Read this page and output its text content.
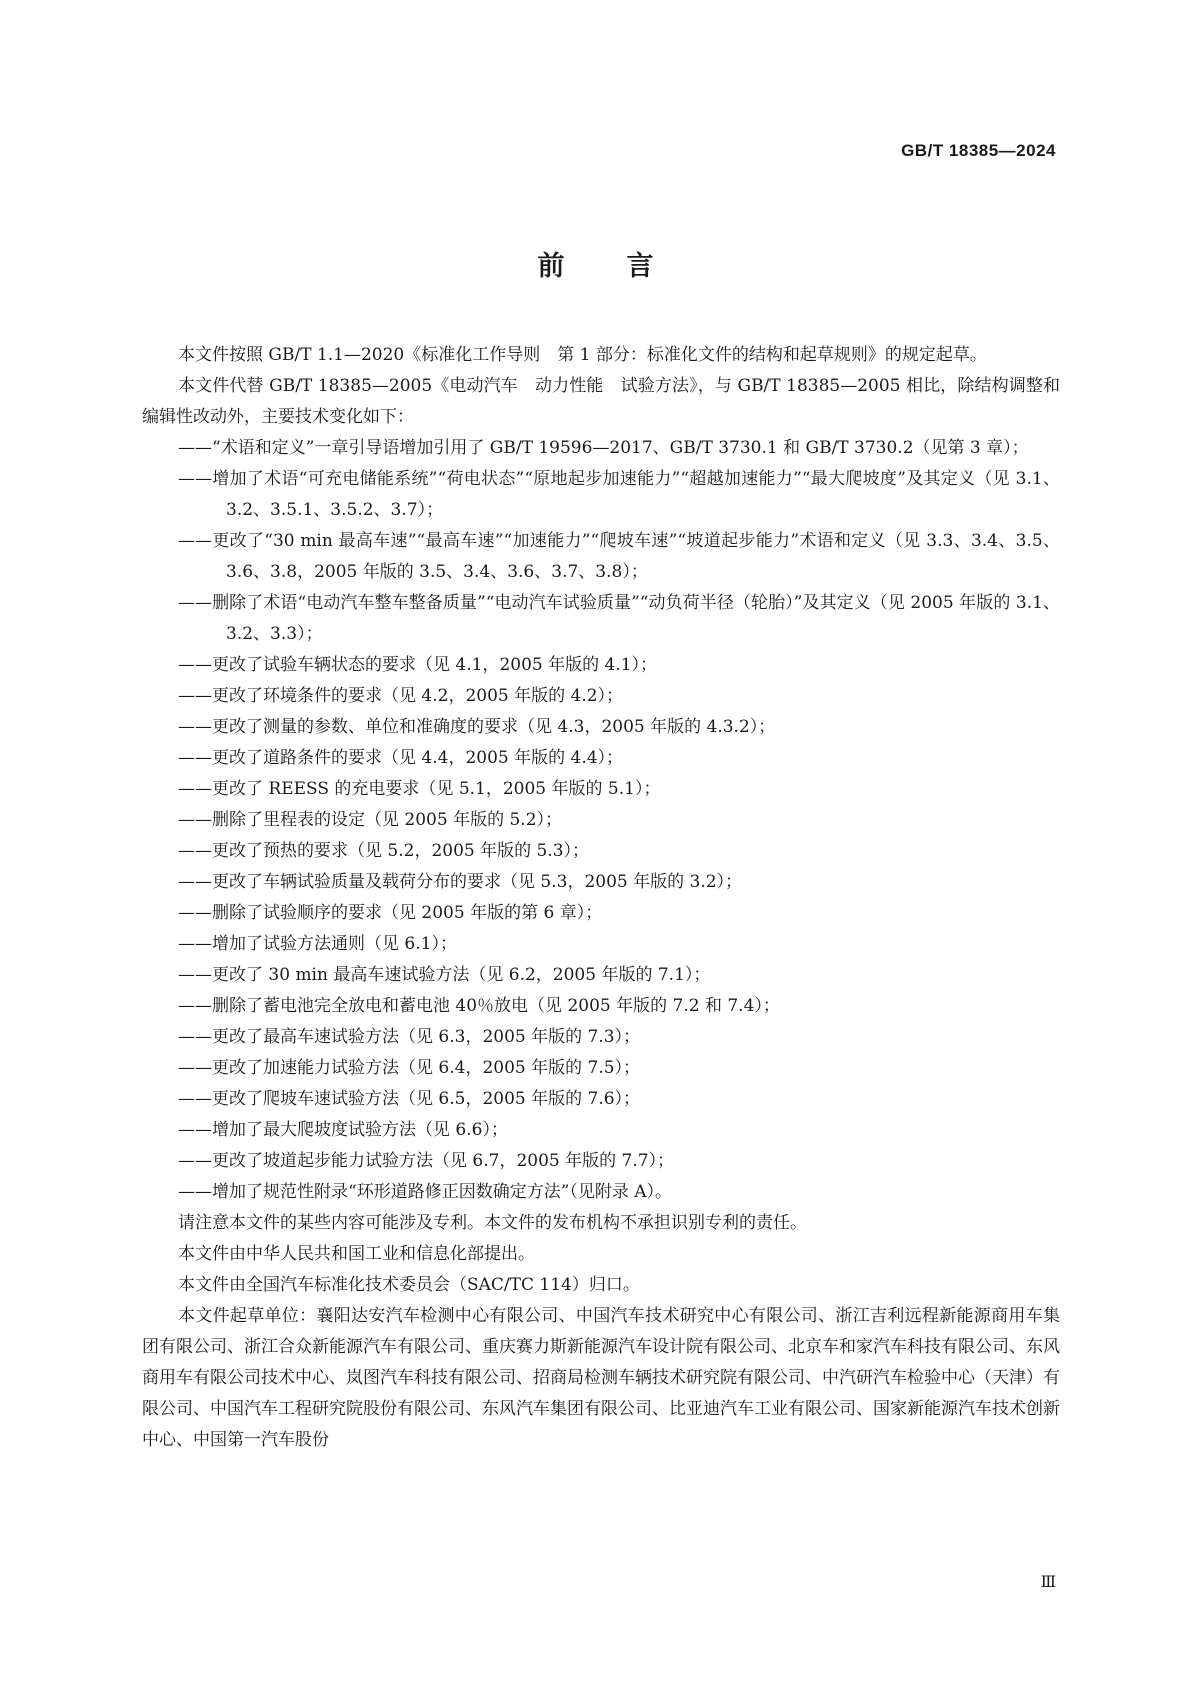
GB/T 18385—2024

前言

本文件按照 GB/T 1.1—2020《标准化工作导则　第 1 部分：标准化文件的结构和起草规则》的规定起草。

本文件代替 GB/T 18385—2005《电动汽车　动力性能　试验方法》，与 GB/T 18385—2005 相比，除结构调整和编辑性改动外，主要技术变化如下：

——“术语和定义”一章引导语增加引用了 GB/T 19596—2017、GB/T 3730.1 和 GB/T 3730.2（见第 3 章）；

——增加了术语“可充电储能系统”“荷电状态”“原地起步加速能力”“超越加速能力”“最大爬坡度”及其定义（见 3.1、3.2、3.5.1、3.5.2、3.7）；

——更改了“30 min 最高车速”“最高车速”“加速能力”“爬坡车速”“坡道起步能力”术语和定义（见 3.3、3.4、3.5、3.6、3.8，2005 年版的 3.5、3.4、3.6、3.7、3.8）；

——删除了术语“电动汽车整车整备质量”“电动汽车试验质量”“动负荷半径（轮胎）”及其定义（见 2005 年版的 3.1、3.2、3.3）；

——更改了试验车辆状态的要求（见 4.1，2005 年版的 4.1）；

——更改了环境条件的要求（见 4.2，2005 年版的 4.2）；

——更改了测量的参数、单位和准确度的要求（见 4.3，2005 年版的 4.3.2）；

——更改了道路条件的要求（见 4.4，2005 年版的 4.4）；

——更改了 REESS 的充电要求（见 5.1，2005 年版的 5.1）；

——删除了里程表的设定（见 2005 年版的 5.2）；

——更改了预热的要求（见 5.2，2005 年版的 5.3）；

——更改了车辆试验质量及载荷分布的要求（见 5.3，2005 年版的 3.2）；

——删除了试验顺序的要求（见 2005 年版的第 6 章）；

——增加了试验方法通则（见 6.1）；

——更改了 30 min 最高车速试验方法（见 6.2，2005 年版的 7.1）；

——删除了蓄电池完全放电和蓄电池 40％放电（见 2005 年版的 7.2 和 7.4）；

——更改了最高车速试验方法（见 6.3，2005 年版的 7.3）；

——更改了加速能力试验方法（见 6.4，2005 年版的 7.5）；

——更改了爬坡车速试验方法（见 6.5，2005 年版的 7.6）；

——增加了最大爬坡度试验方法（见 6.6）；

——更改了坡道起步能力试验方法（见 6.7，2005 年版的 7.7）；

——增加了规范性附录“环形道路修正因数确定方法”（见附录 A）。

请注意本文件的某些内容可能涉及专利。本文件的发布机构不承担识别专利的责任。

本文件由中华人民共和国工业和信息化部提出。

本文件由全国汽车标准化技术委员会（SAC/TC 114）归口。

本文件起草单位：襄阳达安汽车检测中心有限公司、中国汽车技术研究中心有限公司、浙江吉利远程新能源商用车集团有限公司、浙江合众新能源汽车有限公司、重庆赛力斯新能源汽车设计院有限公司、北京车和家汽车科技有限公司、东风商用车有限公司技术中心、岚图汽车科技有限公司、招商局检测车辆技术研究院有限公司、中汽研汽车检验中心（天津）有限公司、中国汽车工程研究院股份有限公司、东风汽车集团有限公司、比亚迪汽车工业有限公司、国家新能源汽车技术创新中心、中国第一汽车股份

Ⅲ
